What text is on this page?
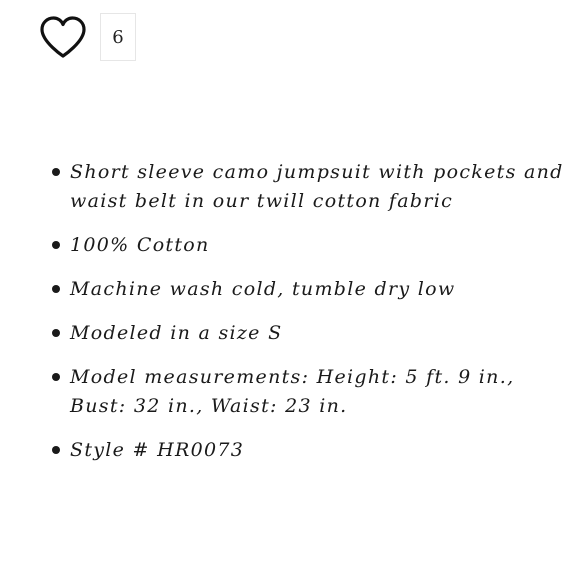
6
Short sleeve camo jumpsuit with pockets and waist belt in our twill cotton fabric
100% Cotton
Machine wash cold, tumble dry low
Modeled in a size S
Model measurements: Height: 5 ft. 9 in., Bust: 32 in., Waist: 23 in.
Style # HR0073
